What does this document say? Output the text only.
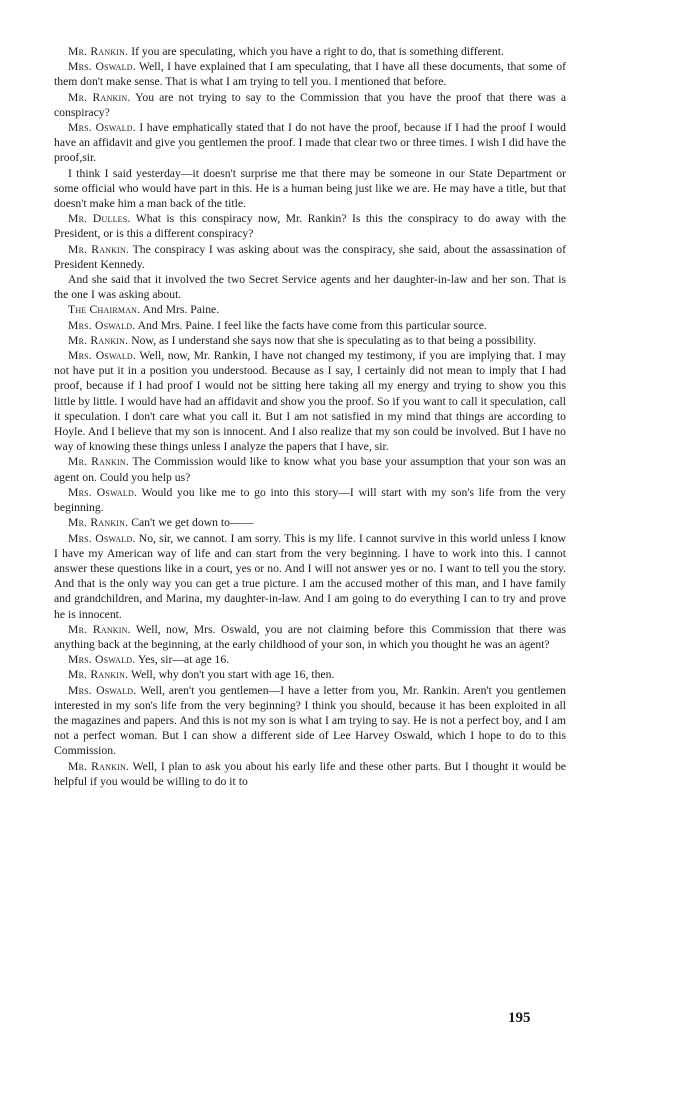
Mr. Rankin. If you are speculating, which you have a right to do, that is something different.

Mrs. Oswald. Well, I have explained that I am speculating, that I have all these documents, that some of them don't make sense. That is what I am trying to tell you. I mentioned that before.

Mr. Rankin. You are not trying to say to the Commission that you have the proof that there was a conspiracy?

Mrs. Oswald. I have emphatically stated that I do not have the proof, because if I had the proof I would have an affidavit and give you gentlemen the proof. I made that clear two or three times. I wish I did have the proof,sir.

I think I said yesterday—it doesn't surprise me that there may be someone in our State Department or some official who would have part in this. He is a human being just like we are. He may have a title, but that doesn't make him a man back of the title.

Mr. Dulles. What is this conspiracy now, Mr. Rankin? Is this the conspiracy to do away with the President, or is this a different conspiracy?

Mr. Rankin. The conspiracy I was asking about was the conspiracy, she said, about the assassination of President Kennedy.

And she said that it involved the two Secret Service agents and her daughter-in-law and her son. That is the one I was asking about.

The Chairman. And Mrs. Paine.

Mrs. Oswald. And Mrs. Paine. I feel like the facts have come from this particular source.

Mr. Rankin. Now, as I understand she says now that she is speculating as to that being a possibility.

Mrs. Oswald. Well, now, Mr. Rankin, I have not changed my testimony, if you are implying that. I may not have put it in a position you understood. Because as I say, I certainly did not mean to imply that I had proof, because if I had proof I would not be sitting here taking all my energy and trying to show you this little by little. I would have had an affidavit and show you the proof. So if you want to call it speculation, call it speculation. I don't care what you call it. But I am not satisfied in my mind that things are according to Hoyle. And I believe that my son is innocent. And I also realize that my son could be involved. But I have no way of knowing these things unless I analyze the papers that I have, sir.

Mr. Rankin. The Commission would like to know what you base your assumption that your son was an agent on. Could you help us?

Mrs. Oswald. Would you like me to go into this story—I will start with my son's life from the very beginning.

Mr. Rankin. Can't we get down to——

Mrs. Oswald. No, sir, we cannot. I am sorry. This is my life. I cannot survive in this world unless I know I have my American way of life and can start from the very beginning. I have to work into this. I cannot answer these questions like in a court, yes or no. And I will not answer yes or no. I want to tell you the story. And that is the only way you can get a true picture. I am the accused mother of this man, and I have family and grandchildren, and Marina, my daughter-in-law. And I am going to do everything I can to try and prove he is innocent.

Mr. Rankin. Well, now, Mrs. Oswald, you are not claiming before this Commission that there was anything back at the beginning, at the early childhood of your son, in which you thought he was an agent?

Mrs. Oswald. Yes, sir—at age 16.

Mr. Rankin. Well, why don't you start with age 16, then.

Mrs. Oswald. Well, aren't you gentlemen—I have a letter from you, Mr. Rankin. Aren't you gentlemen interested in my son's life from the very beginning? I think you should, because it has been exploited in all the magazines and papers. And this is not my son is what I am trying to say. He is not a perfect boy, and I am not a perfect woman. But I can show a different side of Lee Harvey Oswald, which I hope to do to this Commission.

Mr. Rankin. Well, I plan to ask you about his early life and these other parts. But I thought it would be helpful if you would be willing to do it to

195
